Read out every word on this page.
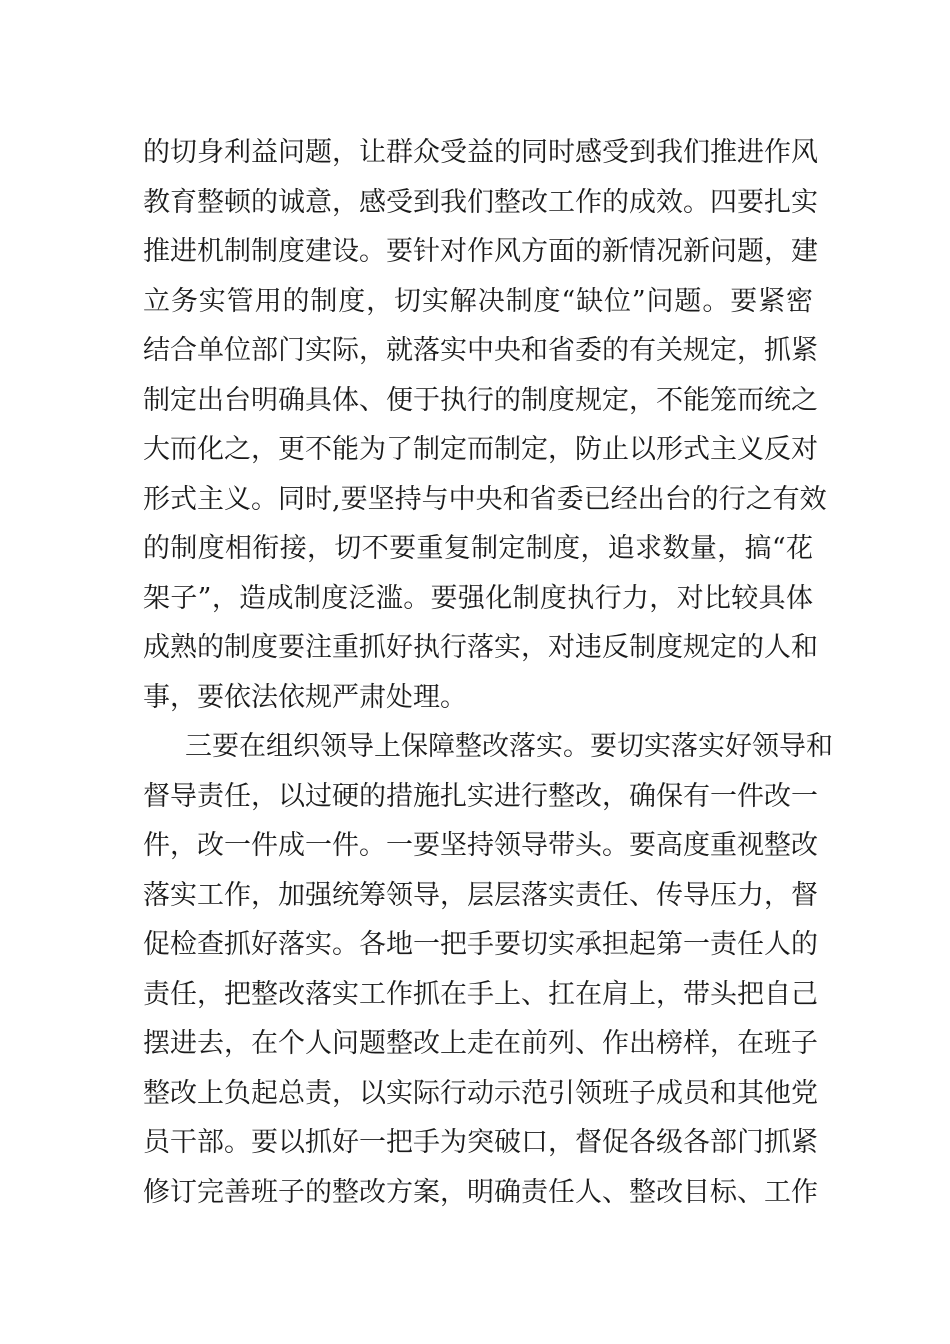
的切身利益问题，让群众受益的同时感受到我们推进作风
教育整顿的诚意，感受到我们整改工作的成效。四要扎实
推进机制制度建设。要针对作风方面的新情况新问题，建
立务实管用的制度，切实解决制度“缺位”问题。要紧密
结合单位部门实际，就落实中央和省委的有关规定，抓紧
制定出台明确具体、便于执行的制度规定，不能笼而统之
大而化之，更不能为了制定而制定，防止以形式主义反对
形式主义。同时,要坚持与中央和省委已经出台的行之有效
的制度相衔接，切不要重复制定制度，追求数量，搞“花
架子”，造成制度泛滥。要强化制度执行力，对比较具体
成熟的制度要注重抓好执行落实，对违反制度规定的人和
事，要依法依规严肃处理。
三要在组织领导上保障整改落实。要切实落实好领导和
督导责任，以过硬的措施扎实进行整改，确保有一件改一
件，改一件成一件。一要坚持领导带头。要高度重视整改
落实工作，加强统筹领导，层层落实责任、传导压力，督
促检查抓好落实。各地一把手要切实承担起第一责任人的
责任，把整改落实工作抓在手上、扛在肩上，带头把自己
摆进去，在个人问题整改上走在前列、作出榜样，在班子
整改上负起总责，以实际行动示范引领班子成员和其他党
员干部。要以抓好一把手为突破口，督促各级各部门抓紧
修订完善班子的整改方案，明确责任人、整改目标、工作
